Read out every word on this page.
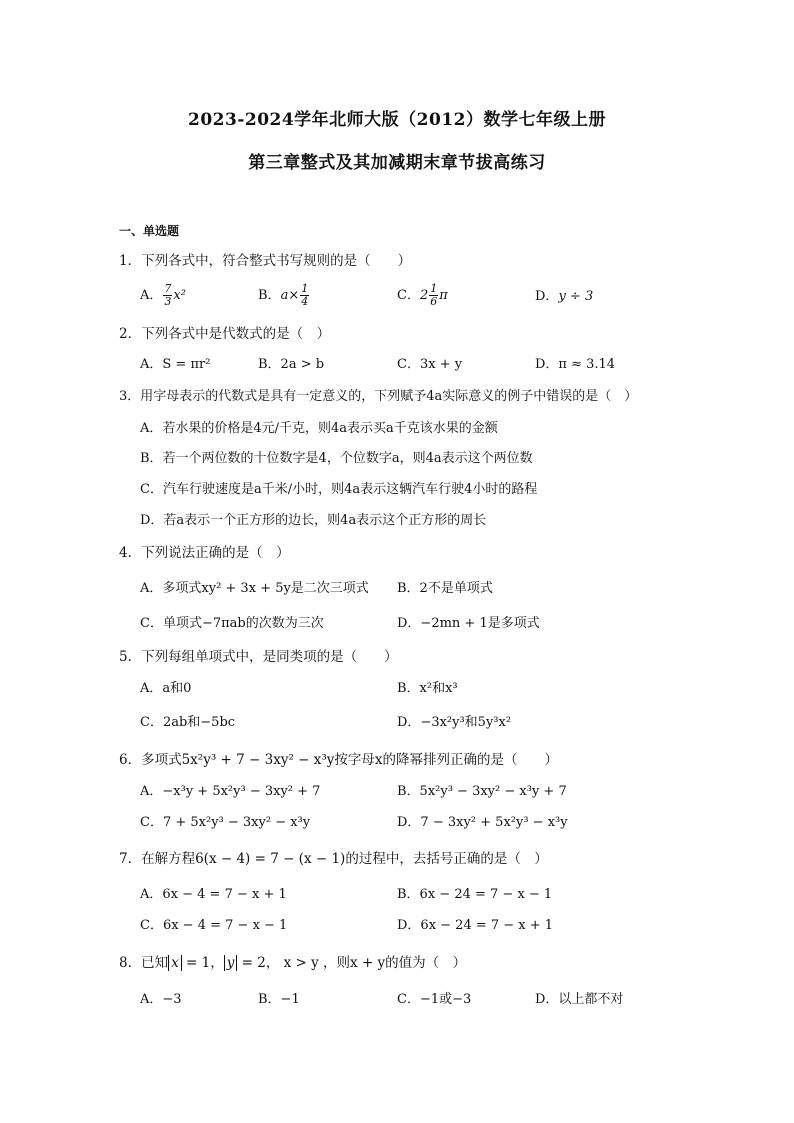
2023-2024学年北师大版（2012）数学七年级上册
第三章整式及其加减期末章节拔高练习
一、单选题
1．下列各式中，符合整式书写规则的是（　　）
A． $\frac{7}{3} x^2$	B．$a\times \frac{1}{4}$	C．$2 \frac{1}{6}$ π	D．y ÷ 3
2．下列各式中是代数式的是（　）
A．S = πr²	B．2a > b	C．3x + y	D．π ≈ 3.14
3．用字母表示的代数式是具有一定意义的，下列赋予4a实际意义的例子中错误的是（　）
A．若水果的价格是4元/千克，则4a表示买a千克该水果的金额
B．若一个两位数的十位数字是4，个位数字a，则4a表示这个两位数
C．汽车行驶速度是a千米/小时，则4a表示这辆汽车行驶4小时的路程
D．若a表示一个正方形的边长，则4a表示这个正方形的周长
4．下列说法正确的是（　）
A．多项式xy² + 3x + 5y是二次三项式 B．2不是单项式
C．单项式−7πab的次数为三次	D．−2mn + 1是多项式
5．下列每组单项式中，是同类项的是（　　）
A．a和0	B．x²和x³
C．2ab和−5bc	D．−3x²y³和5y³x²
6．多项式5x²y³ + 7 − 3xy² − x³y按字母x的降幂排列正确的是（　　）
A．−x³y + 5x²y³ − 3xy² + 7	B．5x²y³ − 3xy² − x³y + 7
C．7 + 5x²y³ − 3xy² − x³y	D．7 − 3xy² + 5x²y³ − x³y
7．在解方程6(x − 4) = 7 − (x − 1)的过程中，去括号正确的是（　）
A．6x − 4 = 7 − x + 1	B．6x − 24 = 7 − x − 1
C．6x − 4 = 7 − x − 1	D．6x − 24 = 7 − x + 1
8．已知 x = 1， y = 2， x > y ，则x + y的值为（　）
A．−3	B．−1	C．−1或−3	D．以上都不对
